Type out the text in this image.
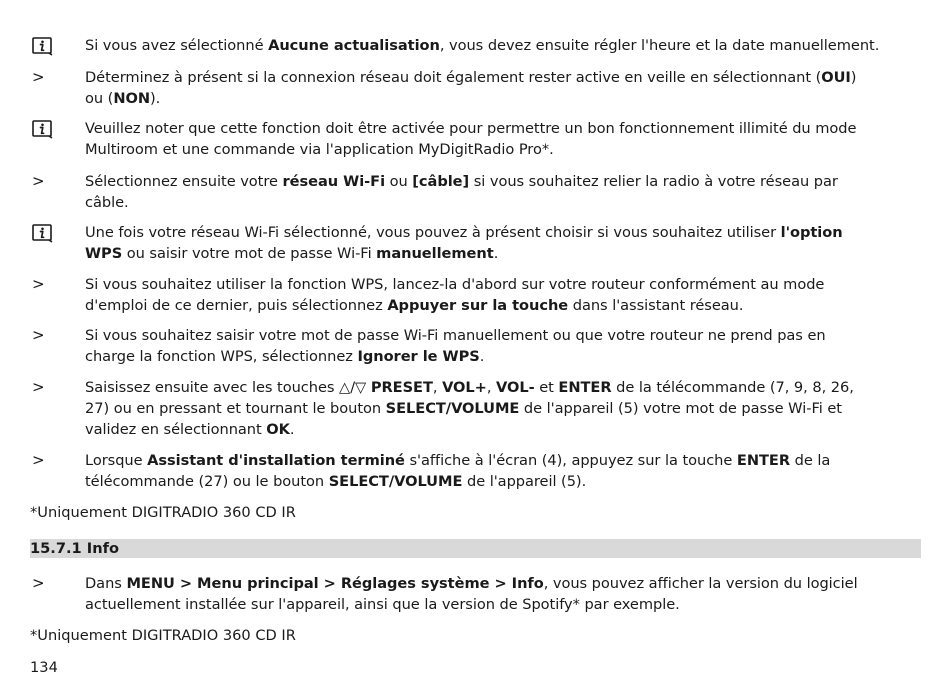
Si vous avez sélectionné Aucune actualisation, vous devez ensuite régler l'heure et la date manuellement.
>	Déterminez à présent si la connexion réseau doit également rester active en veille en sélectionnant (OUI)
ou (NON).
Veuillez noter que cette fonction doit être activée pour permettre un bon fonctionnement illimité du mode
Multiroom et une commande via l'application MyDigitRadio Pro*.
>	Sélectionnez ensuite votre réseau Wi-Fi ou [câble] si vous souhaitez relier la radio à votre réseau par
câble.
Une fois votre réseau Wi-Fi sélectionné, vous pouvez à présent choisir si vous souhaitez utiliser l'option
WPS ou saisir votre mot de passe Wi-Fi manuellement.
>	Si vous souhaitez utiliser la fonction WPS, lancez-la d'abord sur votre routeur conformément au mode
d'emploi de ce dernier, puis sélectionnez Appuyer sur la touche dans l'assistant réseau.
>	Si vous souhaitez saisir votre mot de passe Wi-Fi manuellement ou que votre routeur ne prend pas en
charge la fonction WPS, sélectionnez Ignorer le WPS.
>	Saisissez ensuite avec les touches △/▽ PRESET, VOL+, VOL- et ENTER de la télécommande (7, 9, 8, 26,
27) ou en pressant et tournant le bouton SELECT/VOLUME de l'appareil (5) votre mot de passe Wi-Fi et
validez en sélectionnant OK.
>	Lorsque Assistant d'installation terminé s'affiche à l'écran (4), appuyez sur la touche ENTER de la
télécommande (27) ou le bouton SELECT/VOLUME de l'appareil (5).
*Uniquement DIGITRADIO 360 CD IR
15.7.1 Info
>	Dans MENU > Menu principal > Réglages système > Info, vous pouvez afficher la version du logiciel
actuellement installée sur l'appareil, ainsi que la version de Spotify* par exemple.
*Uniquement DIGITRADIO 360 CD IR
134
